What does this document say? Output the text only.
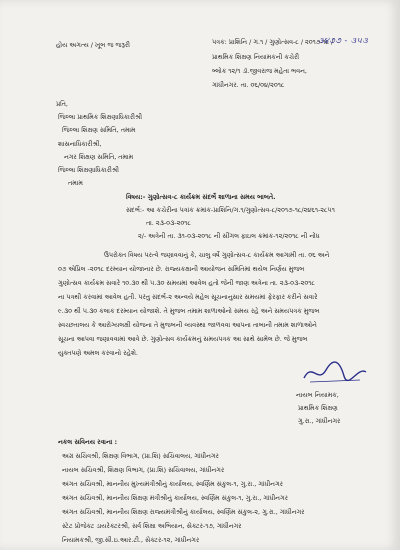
હોય અગત્ય / ખૂબ જ જરૂરી	પત્રક: પ્રાશિનિ / ગ.૧ / ગુણોત્સવ-૮ / ૨૦૧૭-૧૮ /
૩૪૭૭ - ૩૫૩
પ્રાથમિક શિક્ષણ નિયામકની કચેરી
બ્લોક ૧૨/૧ ડૉ.જીવરાજ મહેતા ભવન,
ગાંધીનગર. તા. ૦૬/૦૪/૨૦૧૮
પ્રતિ,
જિલ્લા પ્રાથમિક શિક્ષણાધિકારીશ્રી
જિલ્લા શિક્ષણ સમિતિ, તમામ
શાસનાધિકારીશ્રી,
નગર શિક્ષણ સમિતિ, તમામ
જિલ્લા શિક્ષણાધિકારીશ્રી
તમામ
વિષય:- ગુણોત્સવ-૮ કાર્યક્રમ સંદર્ભે શાળાના સમય બાબતે.
સંદર્ભ:- આ કચેરીના પત્રાંક ક્રમાંક-પ્રાશિનિ/ગ.૧/ગુણોત્સવ-૮/૨૦૧૭-૧૮/૨૪૬૧-૨૮૫૧
તા. ૨૩-૦૩-૨૦૧૮
૨/- અત્રેની તા. ૩૧-૦૩-૨૦૧૮ ની સીંગલ ફાઇલ ક્રમાંક-૧૨/૨૦૧૮ ની નોંધ
ઉપરોક્ત વિષય પરત્વે જણાવવાનું કે, ચાલુ વર્ષે ગુણોત્સવ-૮ કાર્યક્રમ આગામી તા. ૦૬ અને
૦૭ એપ્રિલ -૨૦૧૮ દરમ્યાન યોજાનાર છે. રાજ્યકક્ષાની આયોજન સમિતિમાં થયેલ નિર્ણય મુજબ
ગુણોત્સવ કાર્યક્રમ સવારે ૧૦.૩૦ થી ૫.૩૦ સમયમાં આવેલ હતો જેની જાણ અત્રેના તા. ૨૩-૦૩-૨૦૧૮
ના પત્રથી કરવામાં આવેલ હતી. પરંતુ સંદર્ભ-૨ અન્વયે મહેલ સૂચનાનુસાર સમયમાં ફેરફાર કરીને સવારે
૯.૩૦ થી ૫.૩૦ કલાક દરમ્યાન યોજાશે. તે મુજબ તમામ શાળાઓનો સમય રહે અને સમયપત્રક મુજબ
સ્વચ્છતાલય કે આરોગ્યલક્ષી યોજના તે મુજબની વ્યવસ્થા જાળવવા આપના તાબાની તમામ શાળાઓને
સૂચના આપવા જણાવવામાં આવે છે. ગુણોત્સવ કાર્યક્રમનું સમયપત્રક આ સાથે સામેલ છે. જે મુજબ
યુક્તપણે અમલ કરવાનો રહેશે.
નાયબ નિયામક,
પ્રાથમિક શિક્ષણ
ગુ.રા., ગાંધીનગર
નકલ સવિનય રવાના :
અગ્ર સચિવશ્રી, શિક્ષણ વિભાગ, (પ્રા.શિ) સચિવાલય, ગાંધીનગર
નાયબ સચિવશ્રી, શિક્ષણ વિભાગ, (પ્રા.શિ) સચિવાલય, ગાંધીનગર
અંગત સચિવશ્રી, માનનીય મુખ્યમંત્રીશ્રીનું કાર્યાલય, સ્વર્ણિમ સંકુલ-૧, ગુ.રા., ગાંધીનગર
અંગત સચિવશ્રી, માનનીય શિક્ષણ મંત્રીશ્રીનું કાર્યાલય, સ્વર્ણિમ સંકુલ-૧, ગુ.રા., ગાંધીનગર
અંગત સચિવશ્રી, માનનીય શિક્ષણ રાજ્યમંત્રીશ્રીનું કાર્યાલય, સ્વર્ણિમ સંકુલ-૨, ગુ.રા., ગાંધીનગર
સ્ટેટ પ્રોજેક્ટ ડાયરેક્ટરશ્રી, સર્વ શિક્ષા અભિયાન, સેક્ટર-૧૭, ગાંધીનગર
નિયામકશ્રી, જી.સી.ઇ.આર.ટી., સેક્ટર-૧૨, ગાંધીનગર
